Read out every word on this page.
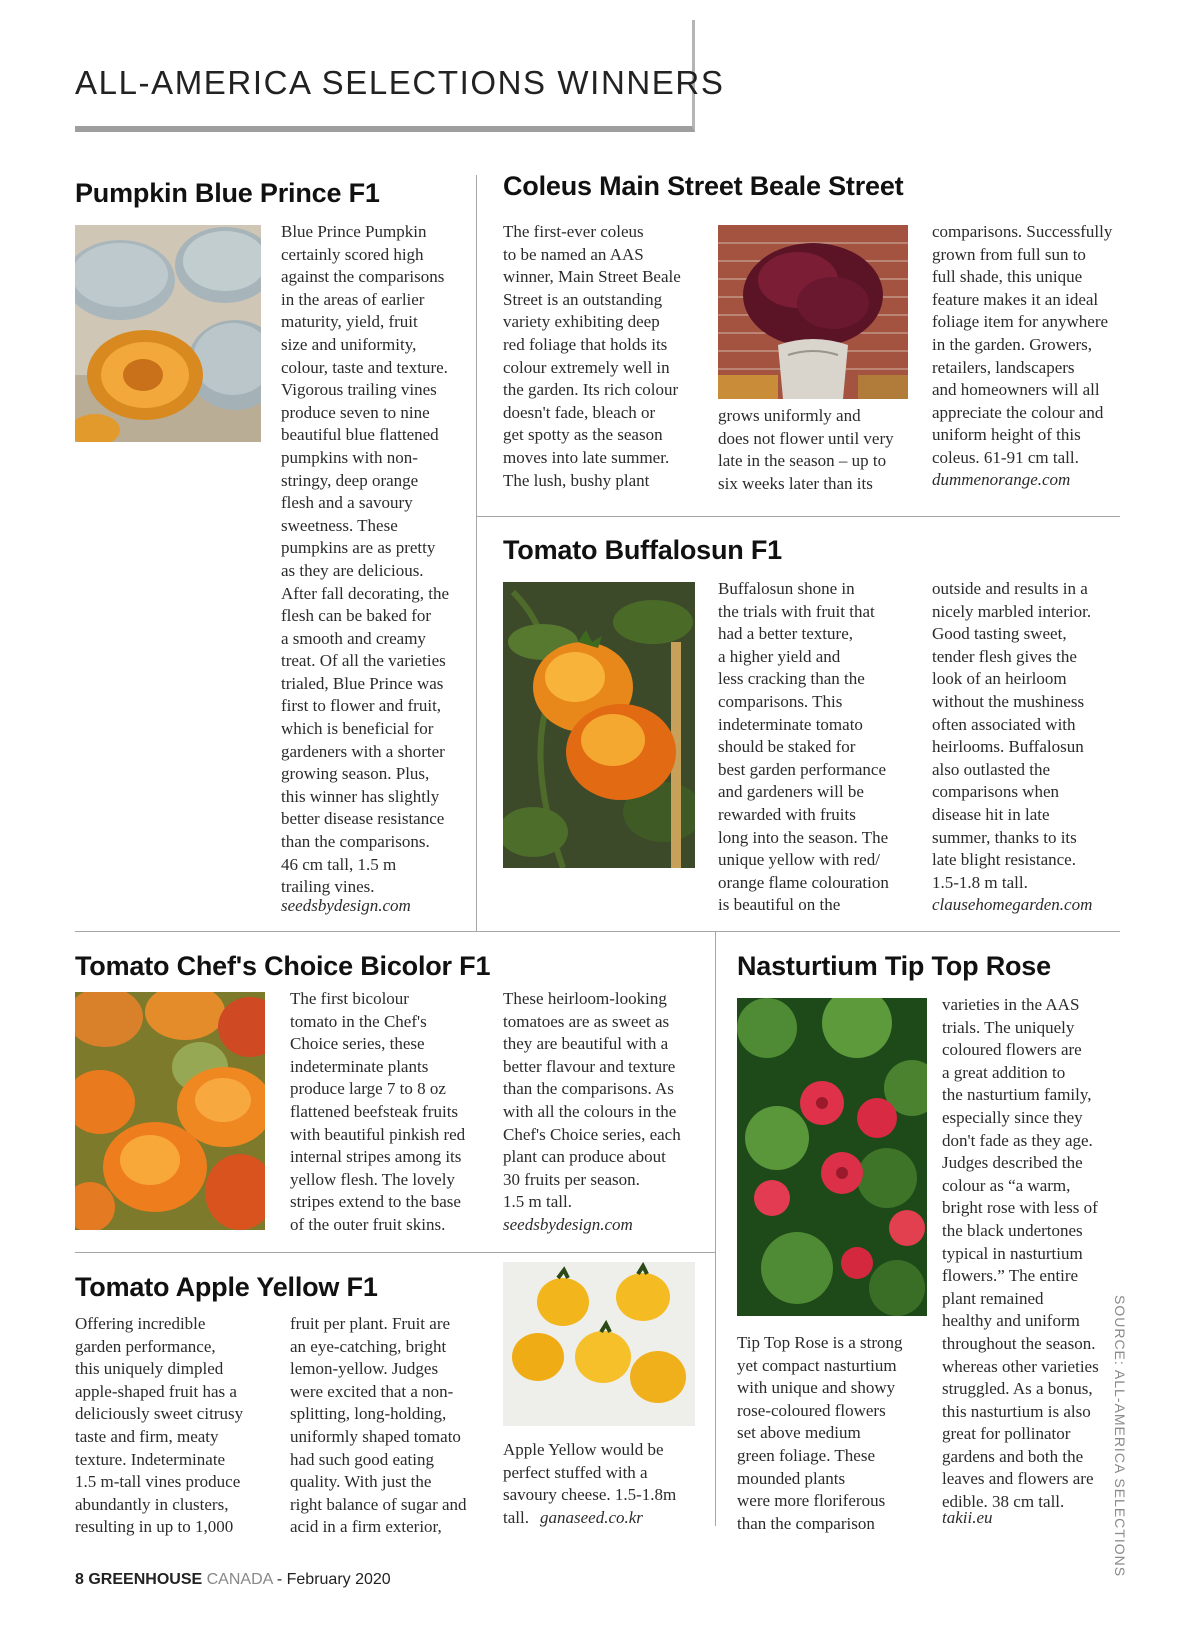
ALL-AMERICA SELECTIONS WINNERS
Pumpkin Blue Prince F1

Blue Prince Pumpkin
certainly scored high
against the comparisons
in the areas of earlier
maturity, yield, fruit
size and uniformity,
colour, taste and texture.
Vigorous trailing vines
produce seven to nine
beautiful blue flattened
pumpkins with non-
stringy, deep orange
flesh and a savoury
sweetness. These
pumpkins are as pretty
as they are delicious.
After fall decorating, the
flesh can be baked for
a smooth and creamy
treat. Of all the varieties
trialed, Blue Prince was
first to flower and fruit,
which is beneficial for
gardeners with a shorter
growing season. Plus,
this winner has slightly
better disease resistance
than the comparisons.
46 cm tall, 1.5 m
trailing vines.

seedsbydesign.com

Coleus Main Street Beale Street

The first-ever coleus
to be named an AAS
winner, Main Street Beale
Street is an outstanding
variety exhibiting deep
red foliage that holds its
colour extremely well in
the garden. Its rich colour
doesn't fade, bleach or
get spotty as the season
moves into late summer.
The lush, bushy plant

grows uniformly and
does not flower until very
late in the season – up to
six weeks later than its

comparisons. Successfully
grown from full sun to
full shade, this unique
feature makes it an ideal
foliage item for anywhere
in the garden. Growers,
retailers, landscapers
and homeowners will all
appreciate the colour and
uniform height of this
coleus. 61-91 cm tall.

dummenorange.com

Tomato Buffalosun F1

Buffalosun shone in
the trials with fruit that
had a better texture,
a higher yield and
less cracking than the
comparisons. This
indeterminate tomato
should be staked for
best garden performance
and gardeners will be
rewarded with fruits
long into the season. The
unique yellow with red/
orange flame colouration
is beautiful on the

outside and results in a
nicely marbled interior.
Good tasting sweet,
tender flesh gives the
look of an heirloom
without the mushiness
often associated with
heirlooms. Buffalosun
also outlasted the
comparisons when
disease hit in late
summer, thanks to its
late blight resistance.
1.5-1.8 m tall.

clausehomegarden.com

Tomato Chef's Choice Bicolor F1

The first bicolour
tomato in the Chef's
Choice series, these
indeterminate plants
produce large 7 to 8 oz
flattened beefsteak fruits
with beautiful pinkish red
internal stripes among its
yellow flesh. The lovely
stripes extend to the base
of the outer fruit skins.

These heirloom-looking
tomatoes are as sweet as
they are beautiful with a
better flavour and texture
than the comparisons. As
with all the colours in the
Chef's Choice series, each
plant can produce about
30 fruits per season.
1.5 m tall.

seedsbydesign.com

Nasturtium Tip Top Rose

Tip Top Rose is a strong
yet compact nasturtium
with unique and showy
rose-coloured flowers
set above medium
green foliage. These
mounded plants
were more floriferous
than the comparison

varieties in the AAS
trials. The uniquely
coloured flowers are
a great addition to
the nasturtium family,
especially since they
don't fade as they age.
Judges described the
colour as “a warm,
bright rose with less of
the black undertones
typical in nasturtium
flowers.” The entire
plant remained
healthy and uniform
throughout the season.
whereas other varieties
struggled. As a bonus,
this nasturtium is also
great for pollinator
gardens and both the
leaves and flowers are
edible. 38 cm tall.

takii.eu

Tomato Apple Yellow F1

Offering incredible
garden performance,
this uniquely dimpled
apple-shaped fruit has a
deliciously sweet citrusy
taste and firm, meaty
texture. Indeterminate
1.5 m-tall vines produce
abundantly in clusters,
resulting in up to 1,000

fruit per plant. Fruit are
an eye-catching, bright
lemon-yellow. Judges
were excited that a non-
splitting, long-holding,
uniformly shaped tomato
had such good eating
quality. With just the
right balance of sugar and
acid in a firm exterior,

Apple Yellow would be
perfect stuffed with a
savoury cheese. 1.5-1.8m
tall. ganaseed.co.kr	SOURCE: ALL-AMERICA SELECTIONS
8 GREENHOUSE CANADA - February 2020
